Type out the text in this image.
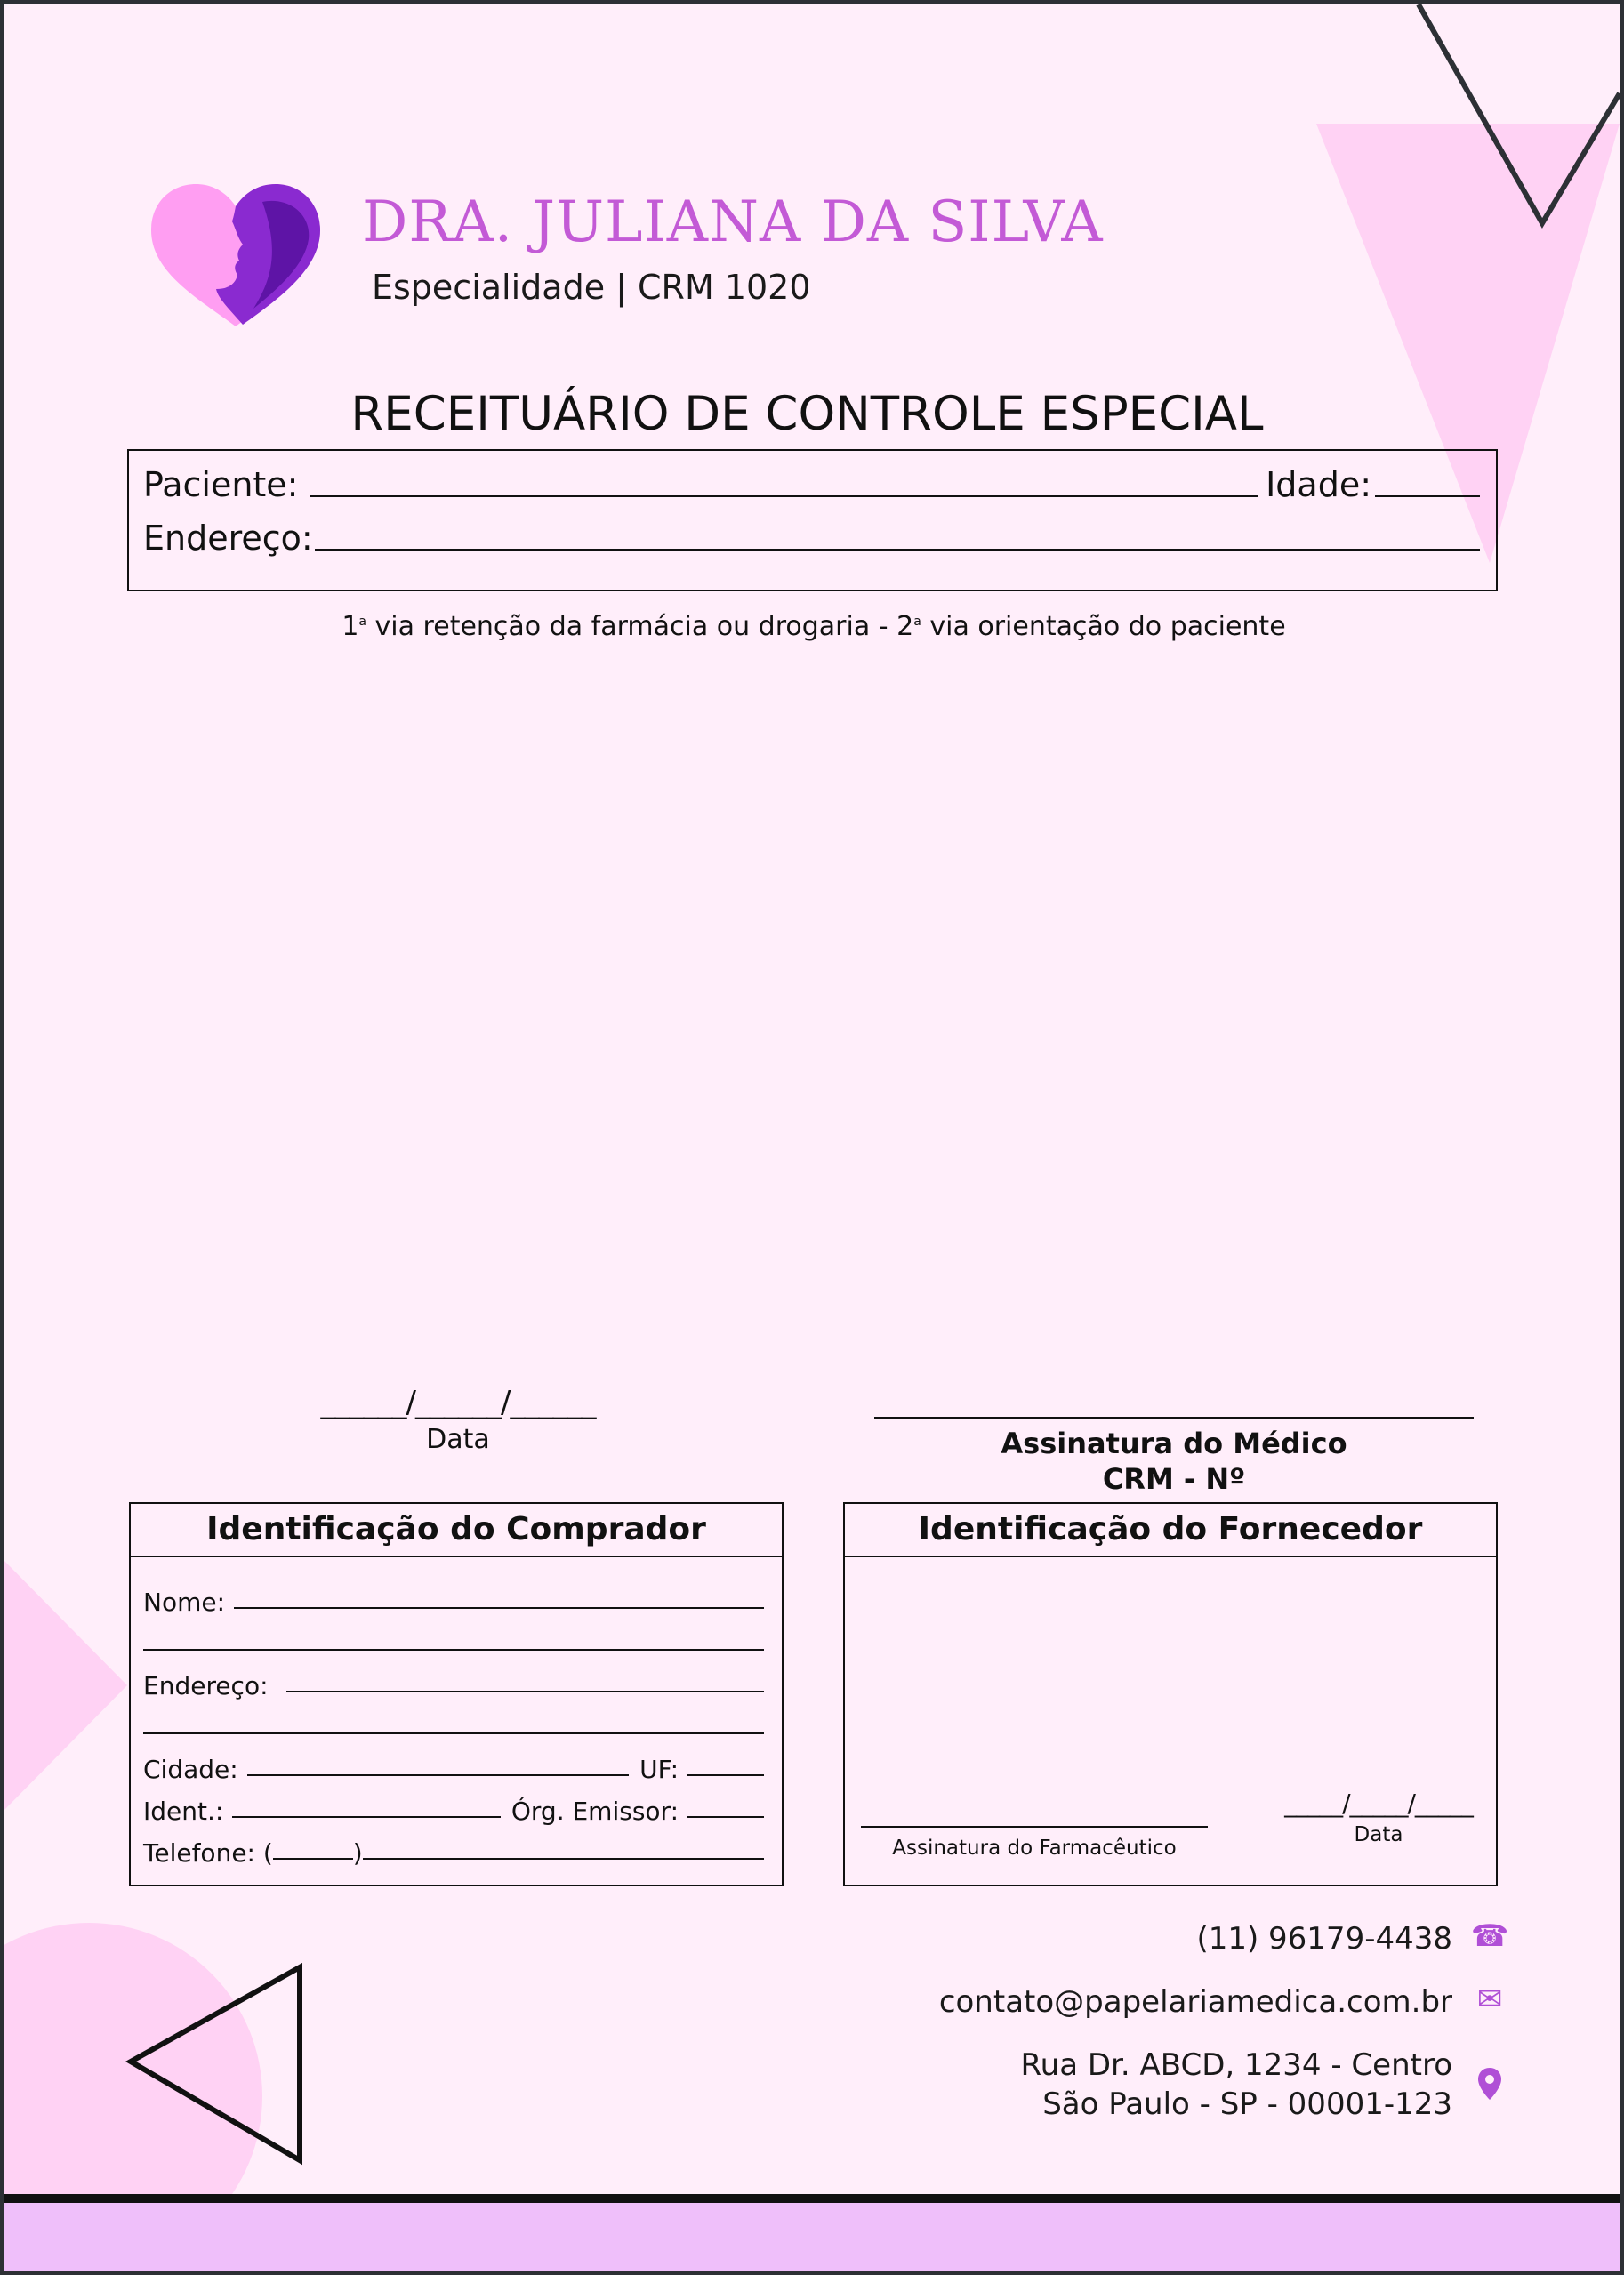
DRA. JULIANA DA SILVA
Especialidade | CRM 1020
RECEITUÁRIO DE CONTROLE ESPECIAL
Paciente:	Idade:
Endereço:
1$^a$ via retenção da farmácia ou drogaria - 2$^a$ via orientação do paciente
______/______/______
Data	Assinatura do Médico
CRM - Nº
Identificação do Comprador
Nome:
Endereço:
Cidade:	UF:
Ident.:	Órg. Emissor:
Telefone: (	)
Identificação do Fornecedor
Assinatura do Farmacêutico
_____/_____/_____
Data
(11) 96179-4438 ☎
contato@papelariamedica.com.br ✉
Rua Dr. ABCD, 1234 - Centro
São Paulo - SP - 00001-123
